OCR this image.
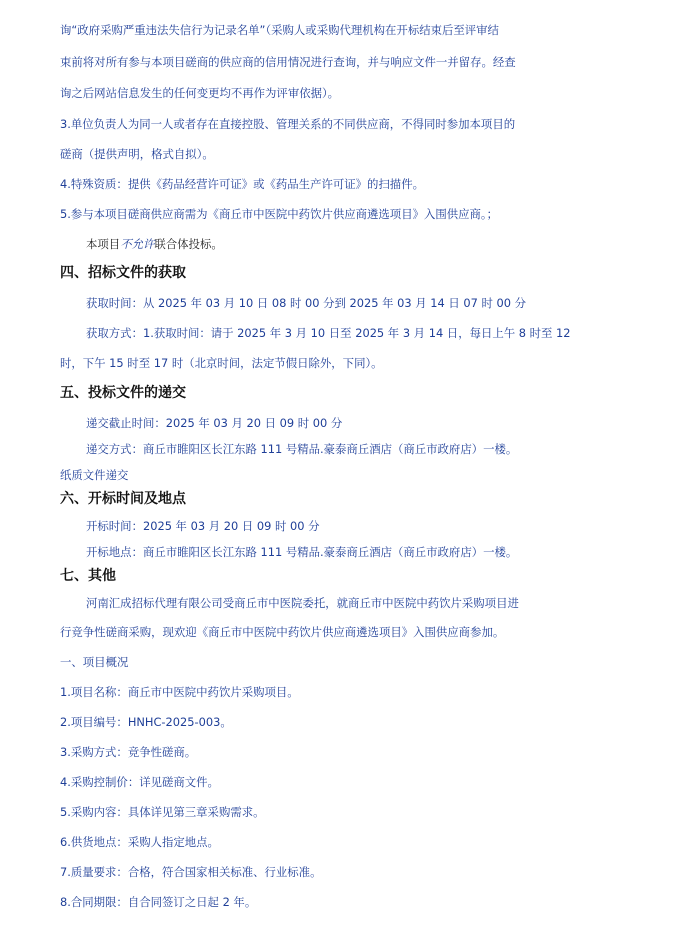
询“政府采购严重违法失信行为记录名单”（采购人或采购代理机构在开标结束后至评审结
束前将对所有参与本项目磋商的供应商的信用情况进行查询，并与响应文件一并留存。经查
询之后网站信息发生的任何变更均不再作为评审依据）。
3.单位负责人为同一人或者存在直接控股、管理关系的不同供应商，不得同时参加本项目的
磋商（提供声明，格式自拟）。
4.特殊资质：提供《药品经营许可证》或《药品生产许可证》的扫描件。
5.参与本项目磋商供应商需为《商丘市中医院中药饮片供应商遴选项目》入围供应商。；
本项目不允许联合体投标。
四、招标文件的获取
获取时间：从 2025 年 03 月 10 日 08 时 00 分到 2025 年 03 月 14 日 07 时 00 分
获取方式：1.获取时间：请于 2025 年 3 月 10 日至 2025 年 3 月 14 日，每日上午 8 时至 12
时，下午 15 时至 17 时（北京时间，法定节假日除外，下同）。
五、投标文件的递交
递交截止时间：2025 年 03 月 20 日 09 时 00 分
递交方式：商丘市睢阳区长江东路 111 号精品.豪泰商丘酒店（商丘市政府店）一楼。
纸质文件递交
六、开标时间及地点
开标时间：2025 年 03 月 20 日 09 时 00 分
开标地点：商丘市睢阳区长江东路 111 号精品.豪泰商丘酒店（商丘市政府店）一楼。
七、其他
河南汇成招标代理有限公司受商丘市中医院委托，就商丘市中医院中药饮片采购项目进
行竞争性磋商采购，现欢迎《商丘市中医院中药饮片供应商遴选项目》入围供应商参加。
一、项目概况
1.项目名称：商丘市中医院中药饮片采购项目。
2.项目编号：HNHC-2025-003。
3.采购方式：竞争性磋商。
4.采购控制价：详见磋商文件。
5.采购内容：具体详见第三章采购需求。
6.供货地点：采购人指定地点。
7.质量要求：合格，符合国家相关标准、行业标准。
8.合同期限：自合同签订之日起 2 年。
